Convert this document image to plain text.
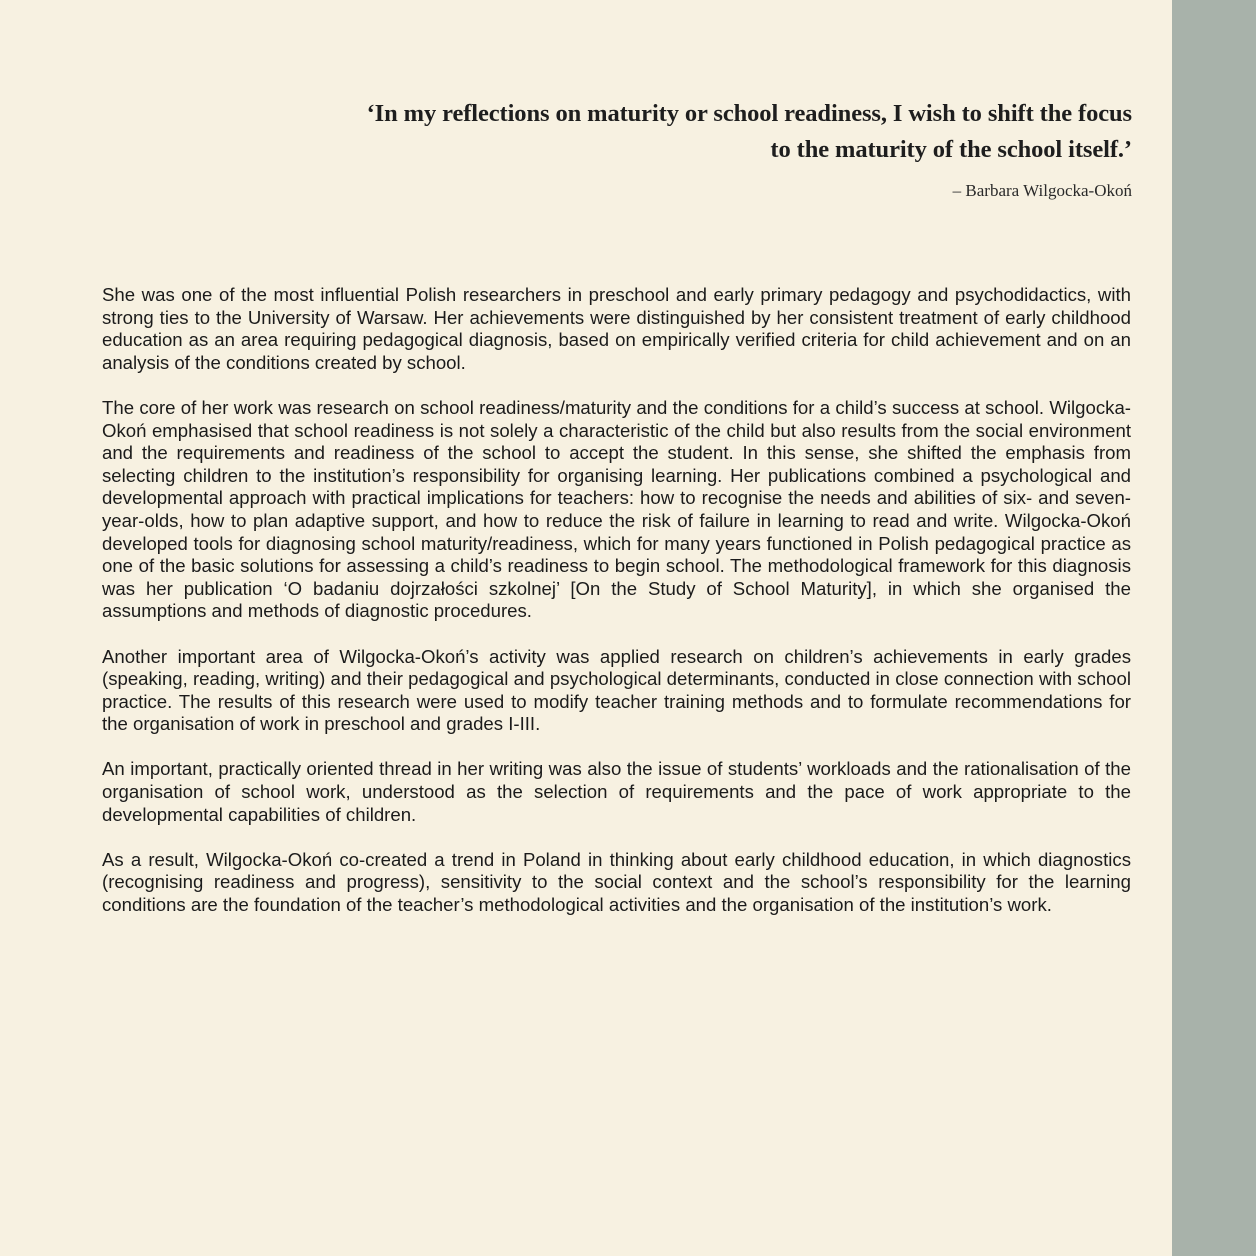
‘In my reflections on maturity or school readiness, I wish to shift the focus
to the maturity of the school itself.’

– Barbara Wilgocka-Okoń

She was one of the most influential Polish researchers in preschool and early primary pedagogy and psychodidactics, with strong ties to the University of Warsaw. Her achievements were distinguished by her consistent treatment of early childhood education as an area requiring pedagogical diagnosis, based on empirically verified criteria for child achievement and on an analysis of the conditions created by school.

The core of her work was research on school readiness/maturity and the conditions for a child’s success at school. Wilgocka-Okoń emphasised that school readiness is not solely a characteristic of the child but also results from the social environment and the requirements and readiness of the school to accept the student. In this sense, she shifted the emphasis from selecting children to the institution’s responsibility for organising learning. Her publications combined a psychological and developmental approach with practical implications for teachers: how to recognise the needs and abilities of six- and seven-year-olds, how to plan adaptive support, and how to reduce the risk of failure in learning to read and write. Wilgocka-Okoń developed tools for diagnosing school maturity/readiness, which for many years functioned in Polish pedagogical practice as one of the basic solutions for assessing a child’s readiness to begin school. The methodological framework for this diagnosis was her publication ‘O badaniu dojrzałości szkolnej’ [On the Study of School Maturity], in which she organised the assumptions and methods of diagnostic procedures.

Another important area of Wilgocka-Okoń’s activity was applied research on children’s achievements in early grades (speaking, reading, writing) and their pedagogical and psychological determinants, conducted in close connection with school practice. The results of this research were used to modify teacher training methods and to formulate recommendations for the organisation of work in preschool and grades I-III.

An important, practically oriented thread in her writing was also the issue of students’ workloads and the rationalisation of the organisation of school work, understood as the selection of requirements and the pace of work appropriate to the developmental capabilities of children.

As a result, Wilgocka-Okoń co-created a trend in Poland in thinking about early childhood education, in which diagnostics (recognising readiness and progress), sensitivity to the social context and the school’s responsibility for the learning conditions are the foundation of the teacher’s methodological activities and the organisation of the institution’s work.
